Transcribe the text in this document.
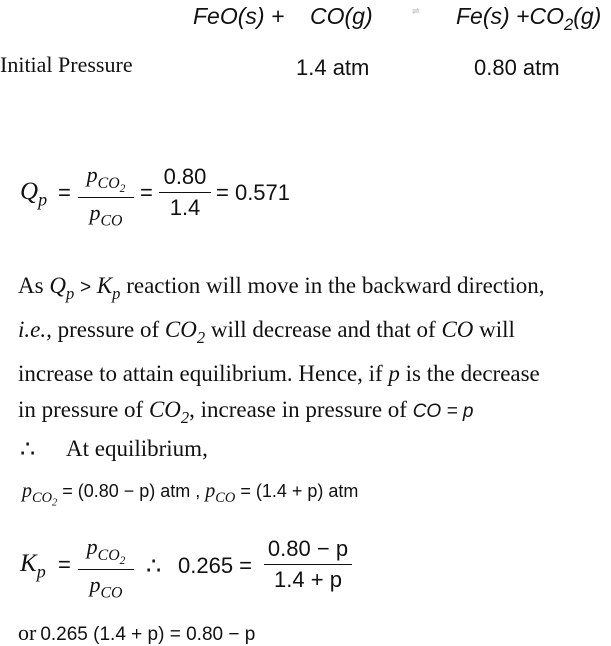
FeO(s) + CO(g)	⇌ $Fe(s) +CO_2(g)$
Initial Pressure	1.4 atm	0.80 atm
$Q_p$ =
$p_{CO_2}$
$p_{CO}$
=
0.80
1.4
= 0.571
As $Q_p > K_p$ reaction will move in the backward direction,
i.e., pressure of $CO_2$ will decrease and that of CO will
increase to attain equilibrium. Hence, if p is the decrease
in pressure of $CO_2$, increase in pressure of CO = p
∴ At equilibrium,
$p_{CO_2} = (0.80 - p)$ atm , $p_{CO} = (1.4 + p)$ atm
$K_p$ =
$p_{CO_2}$
$p_{CO}$
∴ 0.265 =
0.80 − p
1.4 + p
or 0.265 (1.4 + p) = 0.80 − p
